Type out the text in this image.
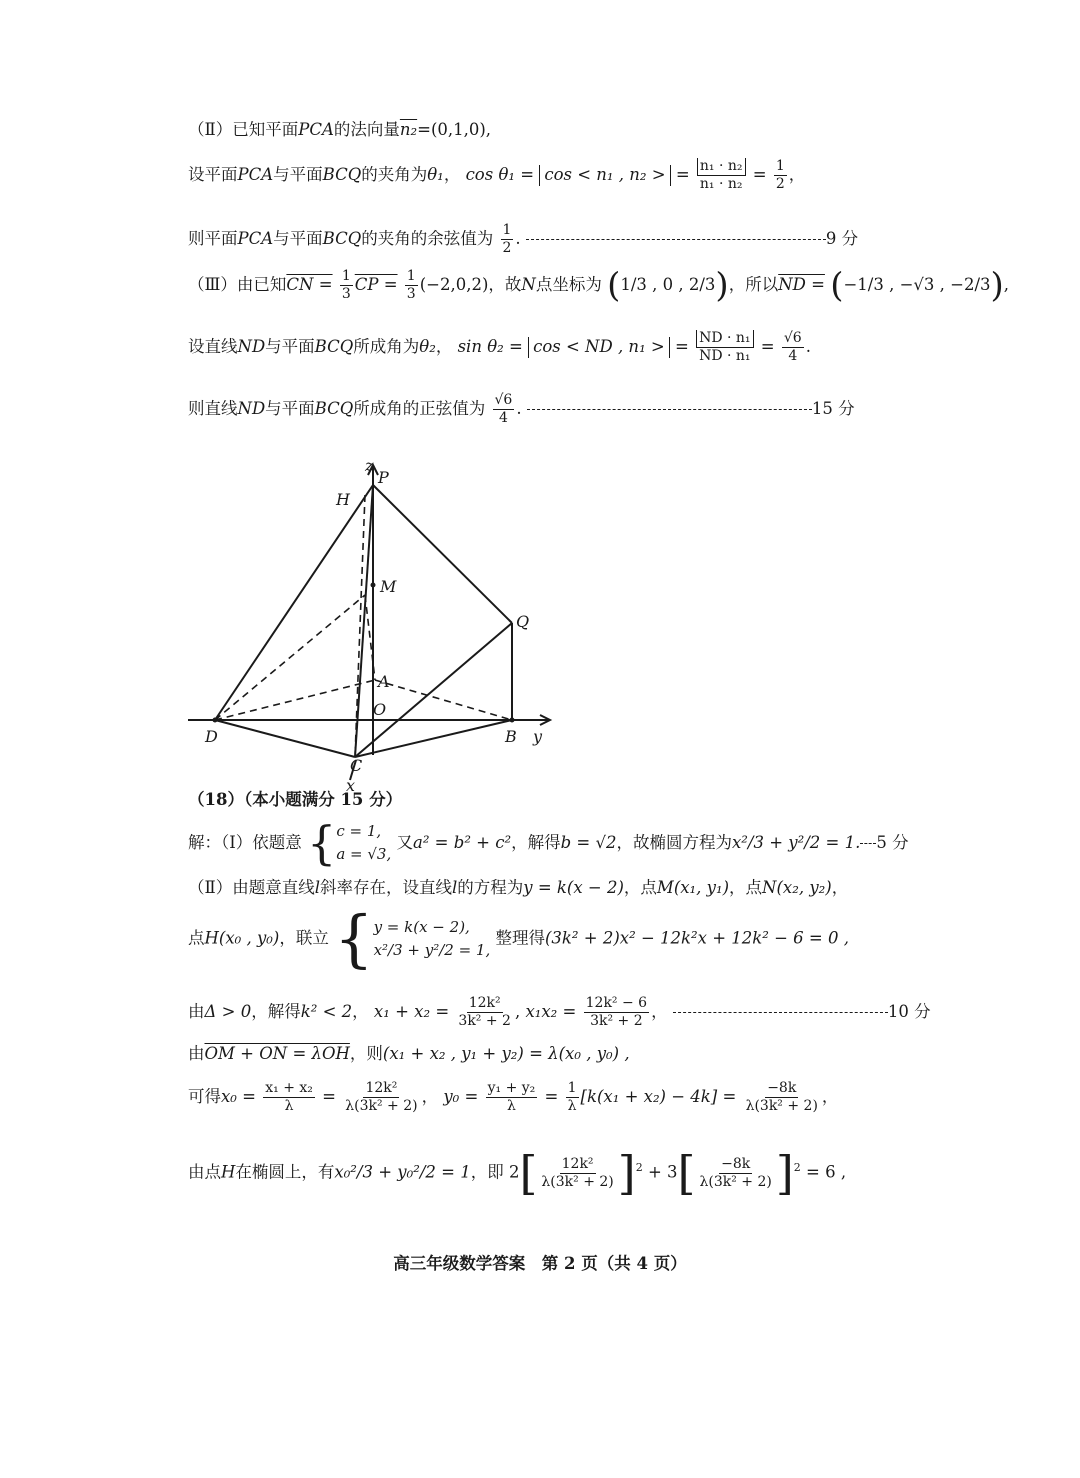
（Ⅱ）已知平面PCA的法向量n₂=(0,1,0),
设平面PCA与平面BCQ的夹角为θ₁， cos θ₁ = cos < n₁ , n₂ > = $\frac{\text{n₁ · n₂}}{\text{n₁ · n₂}} = \frac{1}{2}$ ，
则平面PCA与平面BCQ的夹角的余弦值为 $\frac{1}{2}$ .	9 分
（Ⅲ）由已知CN = $\frac{1}{3}$ CP = $\frac{1}{3} (-2,0,2)$，故N点坐标为 (1/3 , 0 , 2/3)，所以ND = (−1/3 , −√3 , −2/3),
设直线ND与平面BCQ所成角为θ₂， sin θ₂ = cos < ND , n₁ > = $\frac{\text{ND · n₁}}{\text{ND · n₁}} = \frac{√6}{4}$ .
则直线ND与平面BCQ所成角的正弦值为 $\frac{√6}{4}$ .	15 分
z
P
H
M
Q
A
O
D	B y
C
x
（18）（本小题满分 15 分）
解：（Ⅰ）依题意 { c = 1,
a = √3,
又a² = b² + c²，解得b = √2，故椭圆方程为x²/3 + y²/2 = 1. 5 分
（Ⅱ）由题意直线l斜率存在，设直线l的方程为y = k(x − 2)，点M(x₁, y₁)，点N(x₂, y₂)，
点H(x₀ , y₀)，联立 { y = k(x − 2),
x²/3 + y²/2 = 1,
整理得(3k² + 2)x² − 12k²x + 12k² − 6 = 0 ,
由Δ > 0，解得k² < 2， $x_1 + x_2 = \frac{\text{12k²}}{\text{3k² + 2}}$ , $x_1x_2 = \frac{\text{12k² − 6}}{\text{3k² + 2}}$ ，	10 分
由OM + ON = λOH，则(x₁ + x₂ , y₁ + y₂) = λ(x₀ , y₀) ,
可得$x_0 = \frac{\text{x₁ + x₂}}{\lambda} = \frac{\text{12k²}}{\text{λ(3k² + 2)}}$ ， $y_0 = \frac{\text{y₁ + y₂}}{\lambda} = \frac{1}{\lambda} [k(x_1 + x_2) - 4k] = \frac{-8k}{\text{λ(3k² + 2)}}$ ，
由点H在椭圆上，有x₀²/3 + y₀²/2 = 1，即 $2[ \frac{\text{12k²}}{\text{λ(3k² + 2)}} ]^2 + 3[ \frac{-8k}{\text{λ(3k² + 2)}} ]^2 = 6$ ,
高三年级数学答案　第 2 页（共 4 页）
